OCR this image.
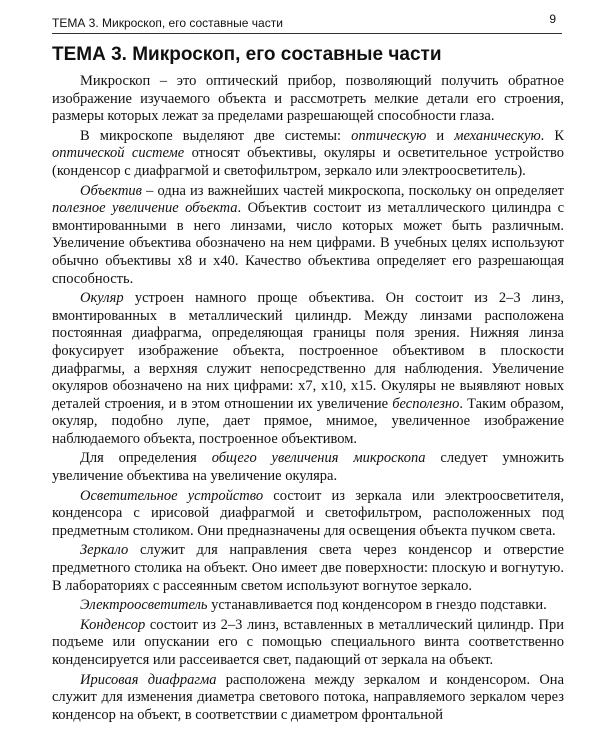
ТЕМА 3. Микроскоп, его составные части	9
ТЕМА 3. Микроскоп, его составные части

Микроскоп – это оптический прибор, позволяющий получить обратное изображение изучаемого объекта и рассмотреть мелкие детали его строения, размеры которых лежат за пределами разрешающей способности глаза.

В микроскопе выделяют две системы: оптическую и механическую. К оптической системе относят объективы, окуляры и осветительное устройство (конденсор с диафрагмой и светофильтром, зеркало или электроосветитель).

Объектив – одна из важнейших частей микроскопа, поскольку он определяет полезное увеличение объекта. Объектив состоит из металлического цилиндра с вмонтированными в него линзами, число которых может быть различным. Увеличение объектива обозначено на нем цифрами. В учебных целях используют обычно объективы x8 и x40. Качество объектива определяет его разрешающая способность.

Окуляр устроен намного проще объектива. Он состоит из 2–3 линз, вмонтированных в металлический цилиндр. Между линзами расположена постоянная диафрагма, определяющая границы поля зрения. Нижняя линза фокусирует изображение объекта, построенное объективом в плоскости диафрагмы, а верхняя служит непосредственно для наблюдения. Увеличение окуляров обозначено на них цифрами: x7, x10, x15. Окуляры не выявляют новых деталей строения, и в этом отношении их увеличение бесполезно. Таким образом, окуляр, подобно лупе, дает прямое, мнимое, увеличенное изображение наблюдаемого объекта, построенное объективом.

Для определения общего увеличения микроскопа следует умножить увеличение объектива на увеличение окуляра.

Осветительное устройство состоит из зеркала или электроосветителя, конденсора с ирисовой диафрагмой и светофильтром, расположенных под предметным столиком. Они предназначены для освещения объекта пучком света.

Зеркало служит для направления света через конденсор и отверстие предметного столика на объект. Оно имеет две поверхности: плоскую и вогнутую. В лабораториях с рассеянным светом используют вогнутое зеркало.

Электроосветитель устанавливается под конденсором в гнездо подставки.

Конденсор состоит из 2–3 линз, вставленных в металлический цилиндр. При подъеме или опускании его с помощью специального винта соответственно конденсируется или рассеивается свет, падающий от зеркала на объект.

Ирисовая диафрагма расположена между зеркалом и конденсором. Она служит для изменения диаметра светового потока, направляемого зеркалом через конденсор на объект, в соответствии с диаметром фронтальной
